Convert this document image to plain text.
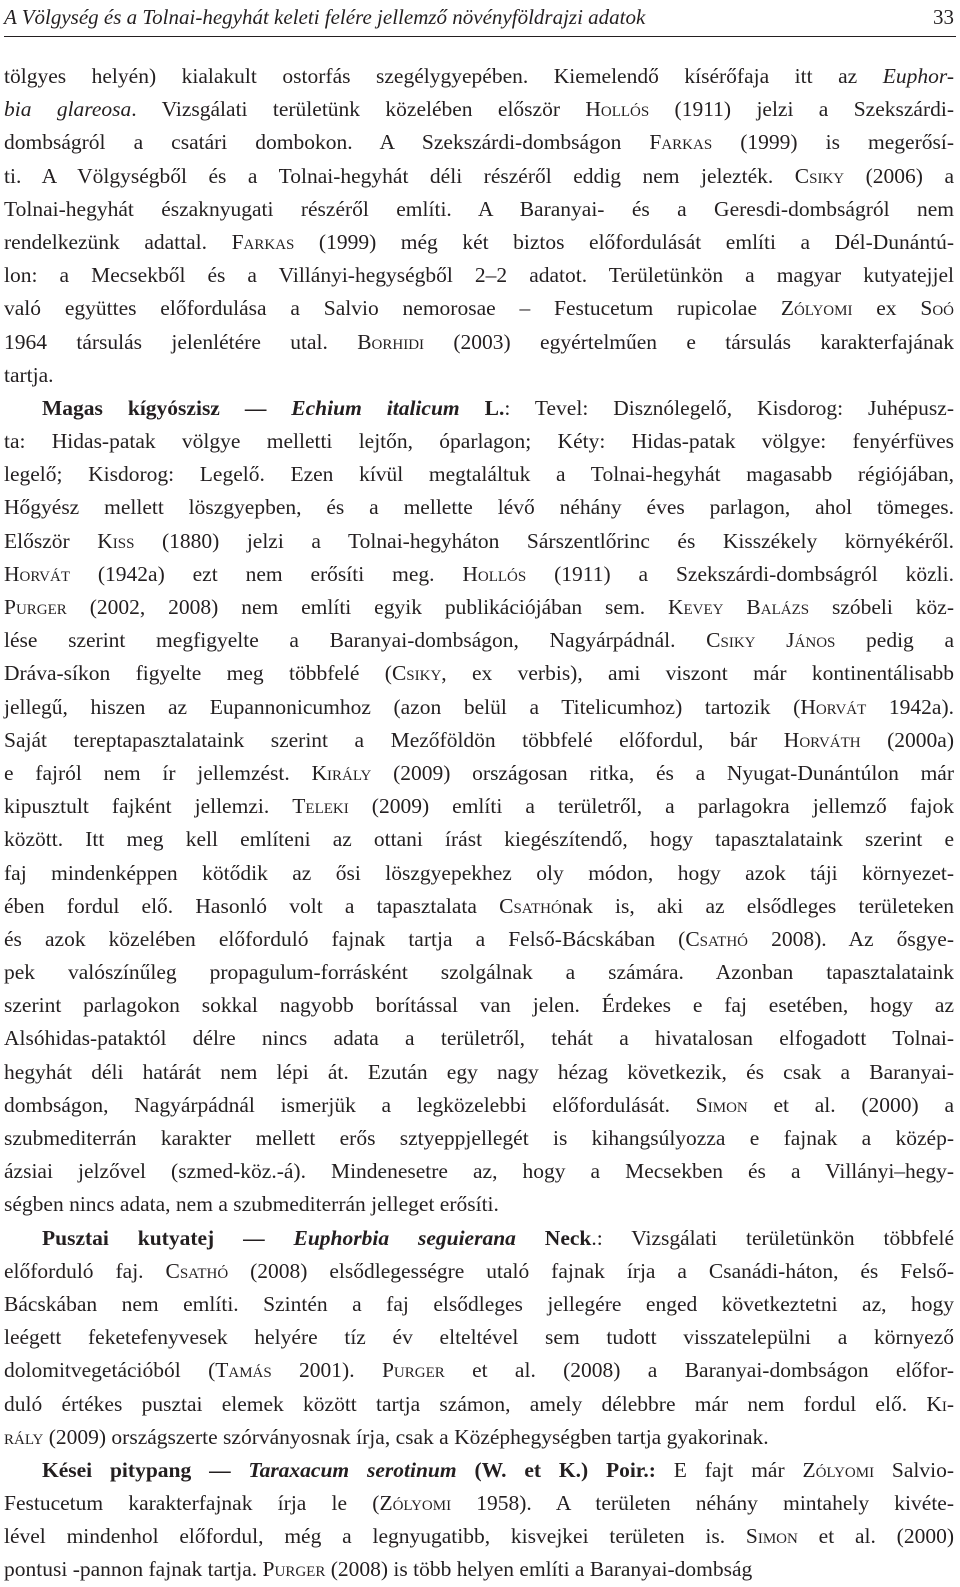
A Völgység és a Tolnai-hegyhát keleti felére jellemző növényföldrajzi adatok	33
tölgyes helyén) kialakult ostorfás szegélygyepében. Kiemelendő kísérőfaja itt az Euphor-
bia glareosa. Vizsgálati területünk közelében először Hollós (1911) jelzi a Szekszárdi-
dombságról a csatári dombokon. A Szekszárdi-dombságon Farkas (1999) is megerősí-
ti. A Völgységből és a Tolnai-hegyhát déli részéről eddig nem jelezték. Csiky (2006) a
Tolnai-hegyhát északnyugati részéről említi. A Baranyai- és a Geresdi-dombságról nem
rendelkezünk adattal. Farkas (1999) még két biztos előfordulását említi a Dél-Dunántú-
lon: a Mecsekből és a Villányi-hegységből 2–2 adatot. Területünkön a magyar kutyatejjel
való együttes előfordulása a Salvio nemorosae – Festucetum rupicolae Zólyomi ex Soó
1964 társulás jelenlétére utal. Borhidi (2003) egyértelműen e társulás karakterfajának
tartja.
Magas kígyószisz — Echium italicum L.: Tevel: Disznólegelő, Kisdorog: Juhépusz-
ta: Hidas-patak völgye melletti lejtőn, óparlagon; Kéty: Hidas-patak völgye: fenyérfüves
legelő; Kisdorog: Legelő. Ezen kívül megtaláltuk a Tolnai-hegyhát magasabb régiójában,
Hőgyész mellett löszgyepben, és a mellette lévő néhány éves parlagon, ahol tömeges.
Először Kiss (1880) jelzi a Tolnai-hegyháton Sárszentlőrinc és Kisszékely környékéről.
Horvát (1942a) ezt nem erősíti meg. Hollós (1911) a Szekszárdi-dombságról közli.
Purger (2002, 2008) nem említi egyik publikációjában sem. Kevey Balázs szóbeli köz-
lése szerint megfigyelte a Baranyai-dombságon, Nagyárpádnál. Csiky János pedig a
Dráva-síkon figyelte meg többfelé (Csiky, ex verbis), ami viszont már kontinentálisabb
jellegű, hiszen az Eupannonicumhoz (azon belül a Titelicumhoz) tartozik (Horvát 1942a).
Saját tereptapasztalataink szerint a Mezőföldön többfelé előfordul, bár Horváth (2000a)
e fajról nem ír jellemzést. Király (2009) országosan ritka, és a Nyugat-Dunántúlon már
kipusztult fajként jellemzi. Teleki (2009) említi a területről, a parlagokra jellemző fajok
között. Itt meg kell említeni az ottani írást kiegészítendő, hogy tapasztalataink szerint e
faj mindenképpen kötődik az ősi löszgyepekhez oly módon, hogy azok táji környezet-
ében fordul elő. Hasonló volt a tapasztalata Csathónak is, aki az elsődleges területeken
és azok közelében előforduló fajnak tartja a Felső-Bácskában (Csathó 2008). Az ősgye-
pek valószínűleg propagulum-forrásként szolgálnak a számára. Azonban tapasztalataink
szerint parlagokon sokkal nagyobb borítással van jelen. Érdekes e faj esetében, hogy az
Alsóhidas-pataktól délre nincs adata a területről, tehát a hivatalosan elfogadott Tolnai-
hegyhát déli határát nem lépi át. Ezután egy nagy hézag következik, és csak a Baranyai-
dombságon, Nagyárpádnál ismerjük a legközelebbi előfordulását. Simon et al. (2000) a
szubmediterrán karakter mellett erős sztyeppjellegét is kihangsúlyozza e fajnak a közép-
ázsiai jelzővel (szmed-köz.-á). Mindenesetre az, hogy a Mecsekben és a Villányi–hegy-
ségben nincs adata, nem a szubmediterrán jelleget erősíti.
Pusztai kutyatej — Euphorbia seguierana Neck.: Vizsgálati területünkön többfelé
előforduló faj. Csathó (2008) elsődlegességre utaló fajnak írja a Csanádi-háton, és Felső-
Bácskában nem említi. Szintén a faj elsődleges jellegére enged következtetni az, hogy
leégett feketefenyvesek helyére tíz év elteltével sem tudott visszatelepülni a környező
dolomitvegetációból (Tamás 2001). Purger et al. (2008) a Baranyai-dombságon előfor-
duló értékes pusztai elemek között tartja számon, amely délebbre már nem fordul elő. Ki-
rály (2009) országszerte szórványosnak írja, csak a Középhegységben tartja gyakorinak.
Kései pitypang — Taraxacum serotinum (W. et K.) Poir.: E fajt már Zólyomi Salvio-
Festucetum karakterfajnak írja le (Zólyomi 1958). A területen néhány mintahely kivéte-
lével mindenhol előfordul, még a legnyugatibb, kisvejkei területen is. Simon et al. (2000)
pontusi -pannon fajnak tartja. Purger (2008) is több helyen említi a Baranyai-dombság
